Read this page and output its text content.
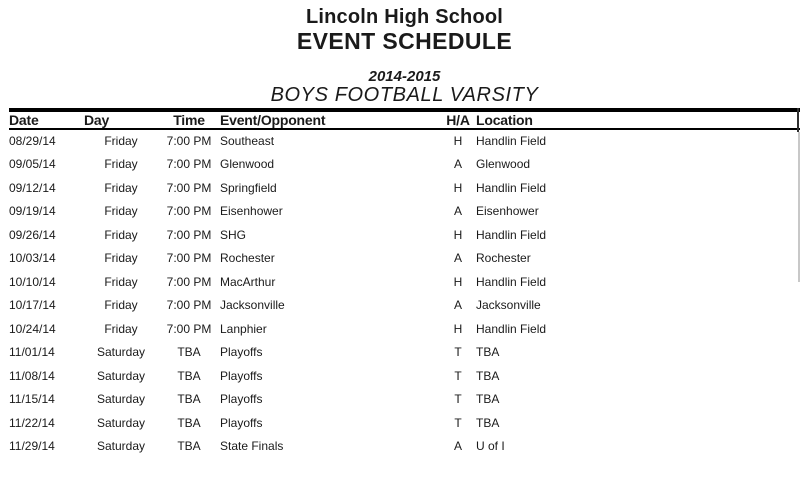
Lincoln High School
EVENT SCHEDULE
2014-2015
BOYS FOOTBALL VARSITY
Date	Day	Time	Event/Opponent	H/A	Location
08/29/14	Friday	7:00 PM	Southeast	H	Handlin Field
09/05/14	Friday	7:00 PM	Glenwood	A	Glenwood
09/12/14	Friday	7:00 PM	Springfield	H	Handlin Field
09/19/14	Friday	7:00 PM	Eisenhower	A	Eisenhower
09/26/14	Friday	7:00 PM	SHG	H	Handlin Field
10/03/14	Friday	7:00 PM	Rochester	A	Rochester
10/10/14	Friday	7:00 PM	MacArthur	H	Handlin Field
10/17/14	Friday	7:00 PM	Jacksonville	A	Jacksonville
10/24/14	Friday	7:00 PM	Lanphier	H	Handlin Field
11/01/14	Saturday	TBA	Playoffs	T	TBA
11/08/14	Saturday	TBA	Playoffs	T	TBA
11/15/14	Saturday	TBA	Playoffs	T	TBA
11/22/14	Saturday	TBA	Playoffs	T	TBA
11/29/14	Saturday	TBA	State Finals	A	U of I
